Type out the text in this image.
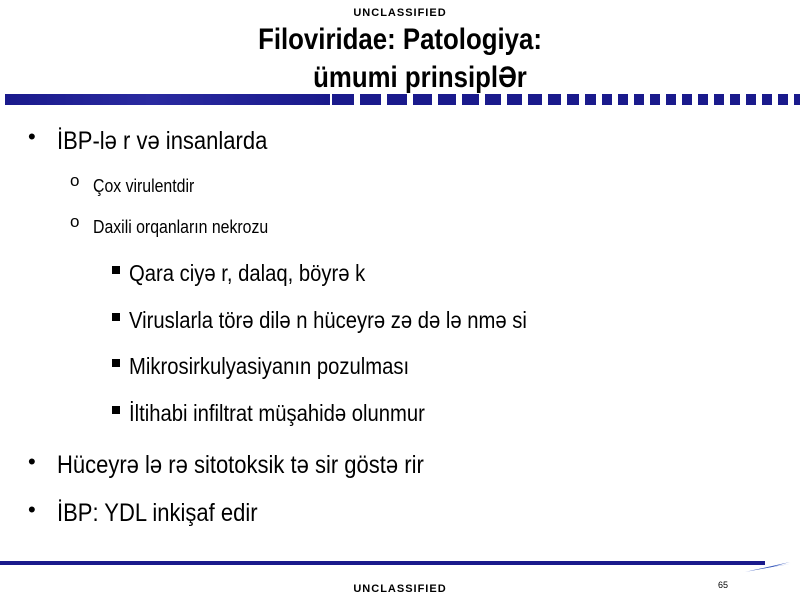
UNCLASSIFIED
Filoviridae: Patologiya:
ümumi prinsiplƏr
• İBP-lə r və insanlarda
o Çox virulentdir
o Daxili orqanların nekrozu
Qara ciyə r, dalaq, böyrə k
Viruslarla törə dilə n hüceyrə zə də lə nmə si
Mikrosirkulyasiyanın pozulması
İltihabi infiltrat müşahidə olunmur
• Hüceyrə lə rə sitotoksik tə sir göstə rir
• İBP: YDL inkişaf edir
UNCLASSIFIED	65
